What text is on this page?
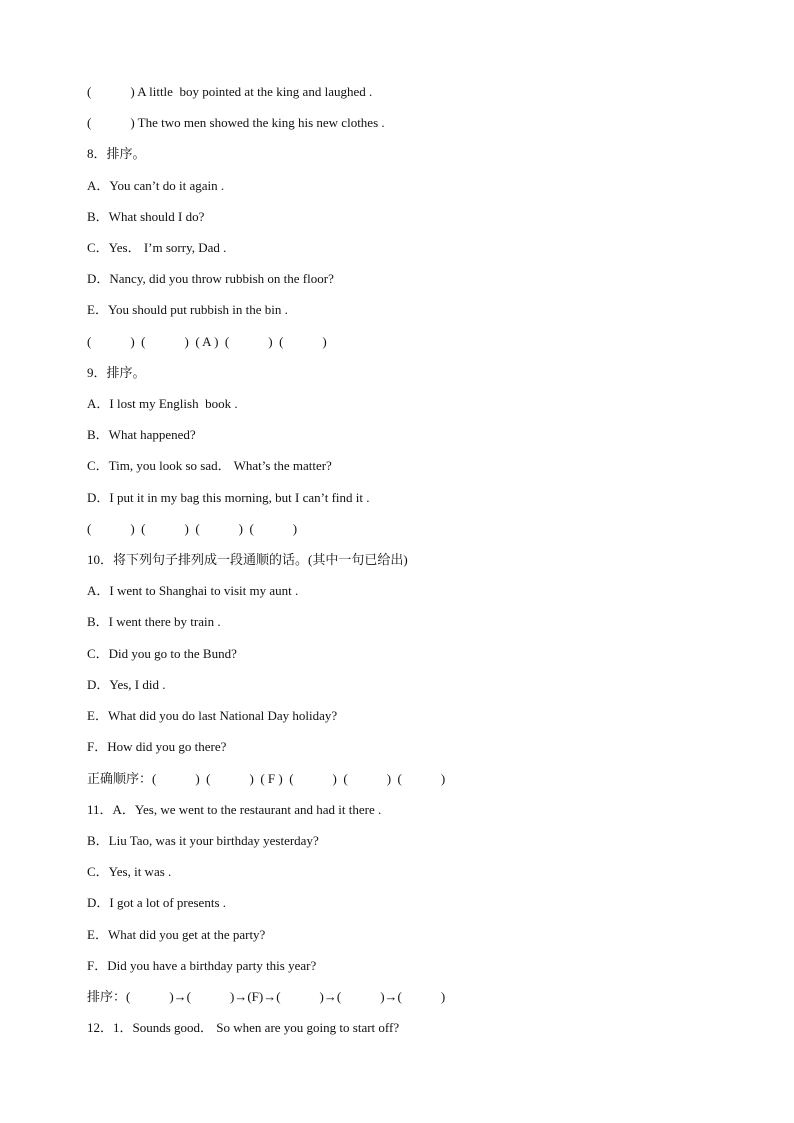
(　　　) A little  boy pointed at the king and laughed .
(　　　) The two men showed the king his new clothes .
8．排序。
A．You can’t do it again .
B．What should I do?
C．Yes． I’m sorry, Dad .
D．Nancy, did you throw rubbish on the floor?
E．You should put rubbish in the bin .
(　　　)  (　　　)  ( A )  (　　　)  (　　　)
9．排序。
A．I lost my English  book .
B．What happened?
C．Tim, you look so sad． What’s the matter?
D．I put it in my bag this morning, but I can’t find it .
(　　　)  (　　　)  (　　　)  (　　　)
10．将下列句子排列成一段通顺的话。(其中一句已给出)
A．I went to Shanghai to visit my aunt .
B．I went there by train .
C．Did you go to the Bund?
D．Yes, I did .
E．What did you do last National Day holiday?
F．How did you go there?
正确顺序：(　　　)  (　　　)  ( F )  (　　　)  (　　　)  (　　　)
11．A．Yes, we went to the restaurant and had it there .
B．Liu Tao, was it your birthday yesterday?
C．Yes, it was .
D．I got a lot of presents .
E．What did you get at the party?
F．Did you have a birthday party this year?
排序：(　　　)→(　　　)→(F)→(　　　)→(　　　)→(　　　)
12．1．Sounds good． So when are you going to start off?
